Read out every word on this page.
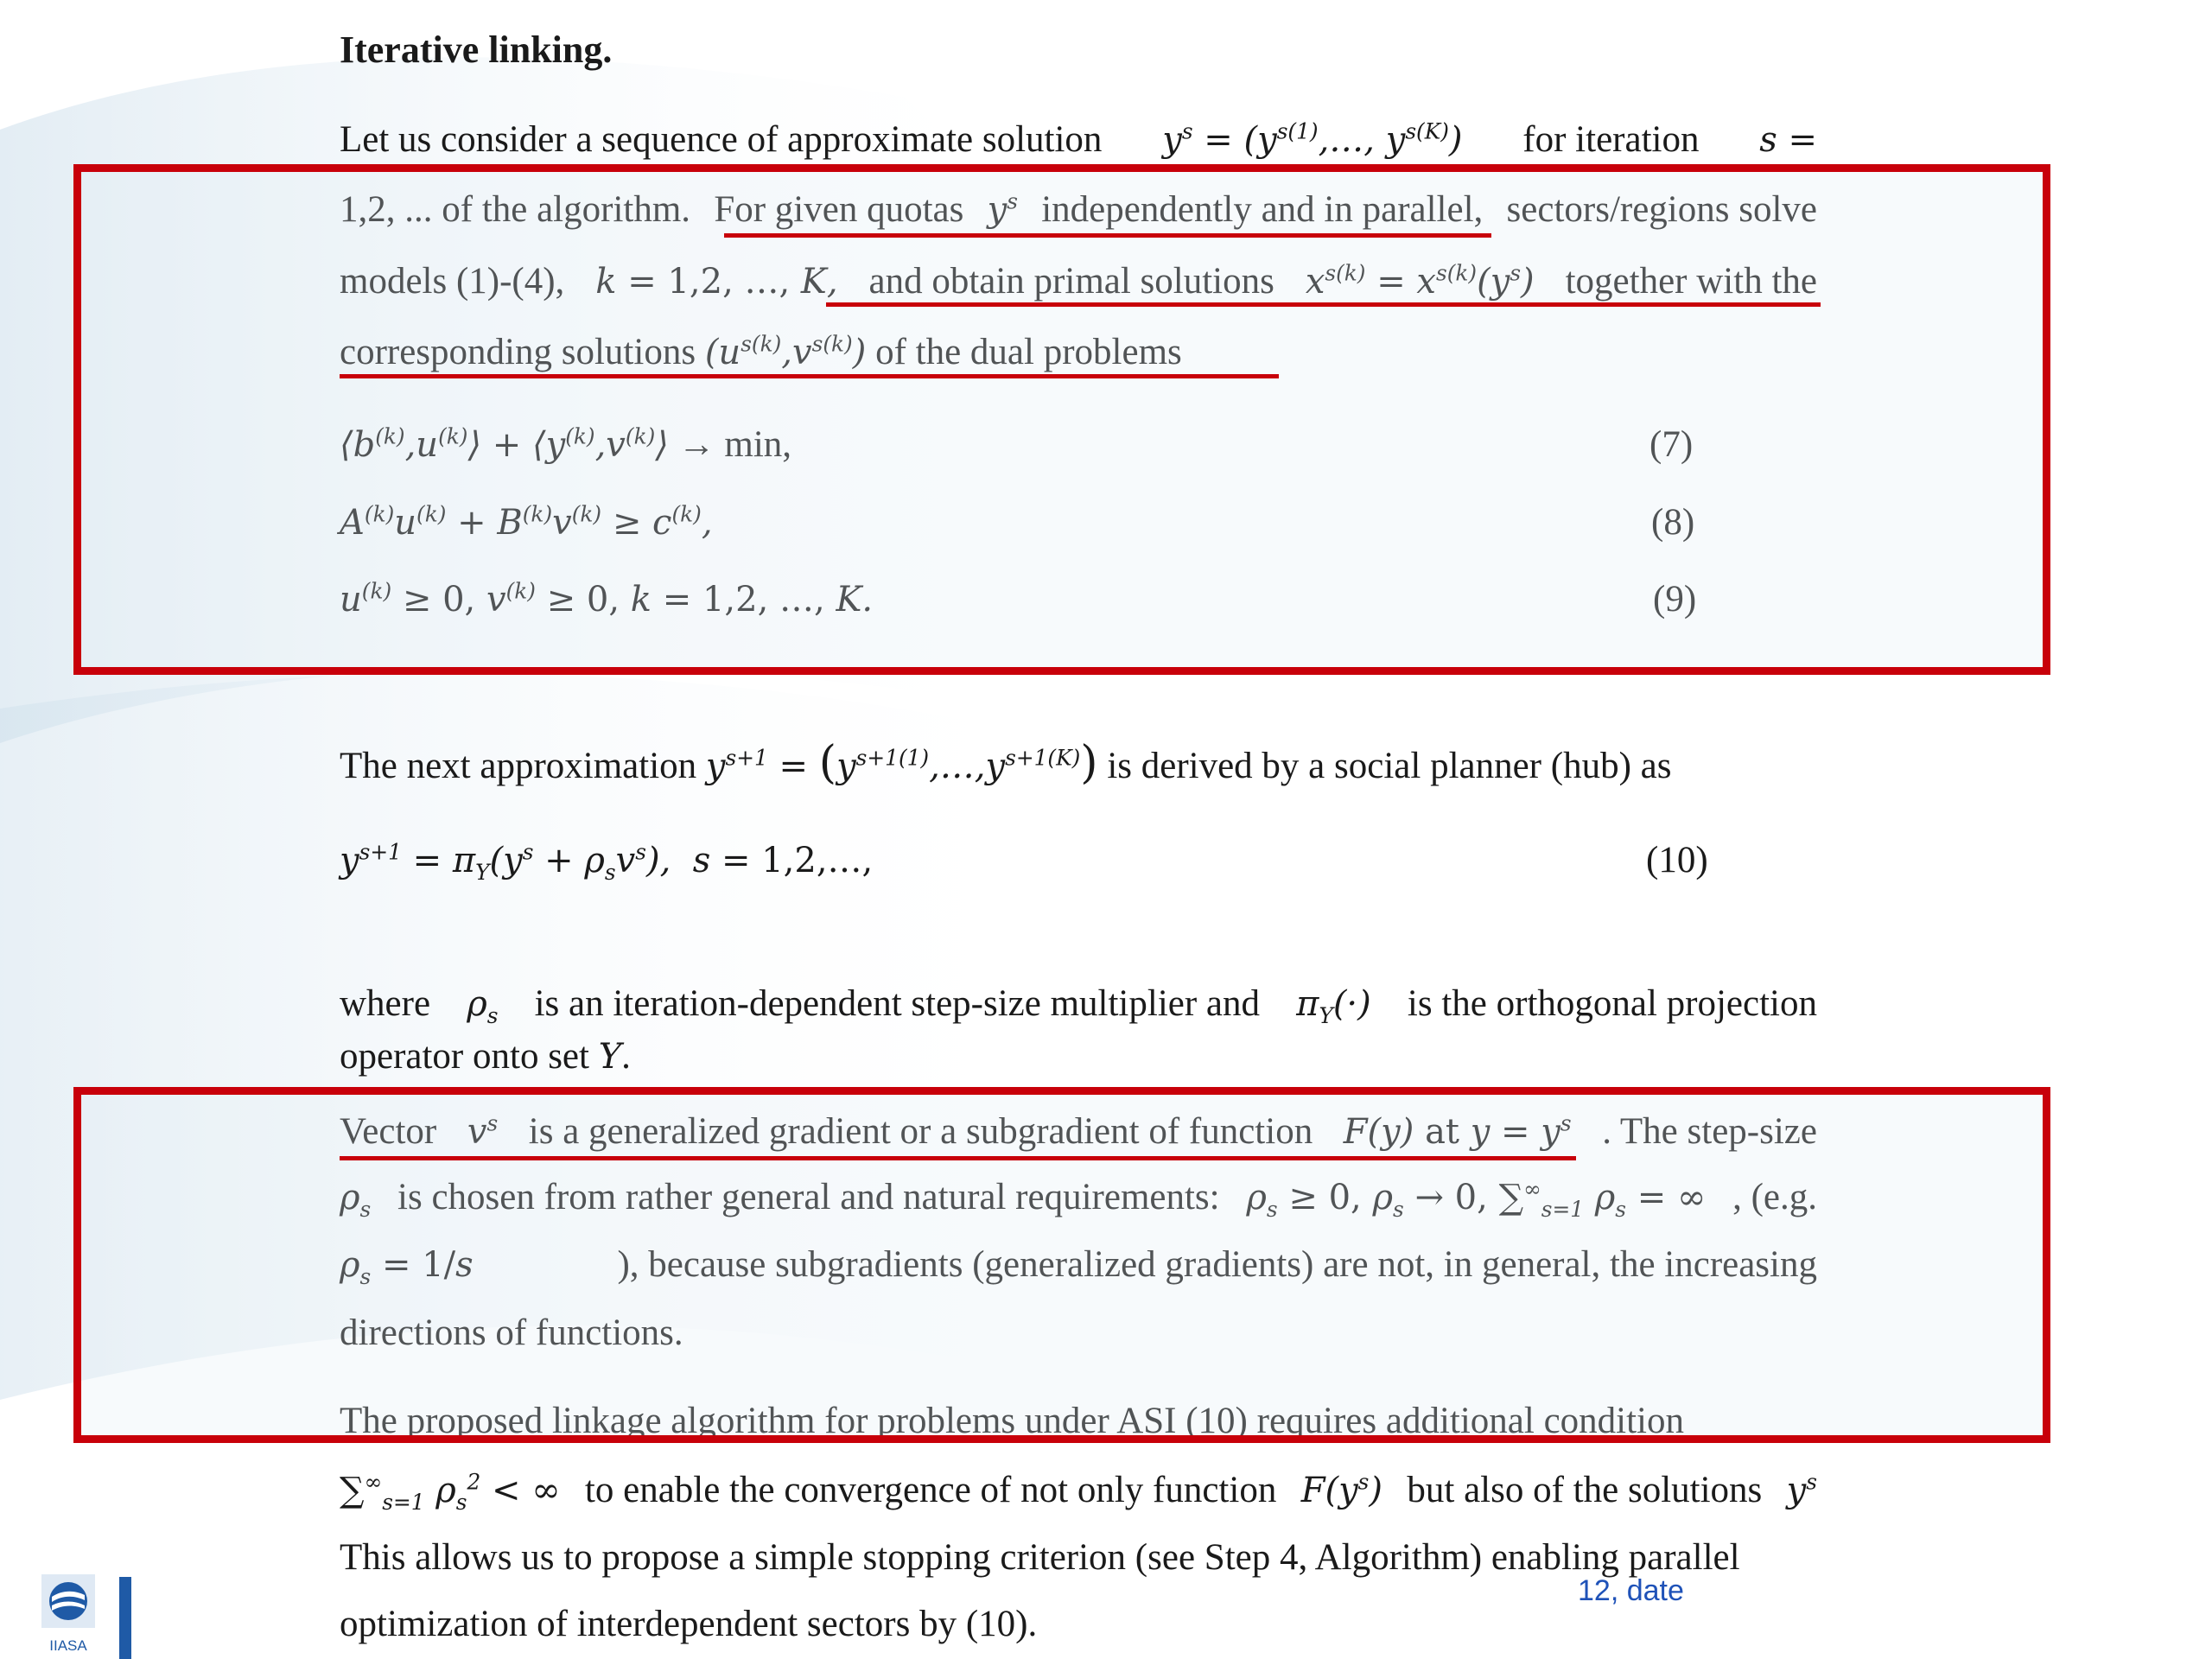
Iterative linking.
Let us consider a sequence of approximate solution $y^s$ = ($y^{s(1)},\dots$, $y^{s(K)}$) for iteration s =
1,2, ... of the algorithm. For given quotas $y^s$ independently and in parallel, sectors/regions solve
models (1)-(4), k = 1,2, …, K, and obtain primal solutions $x^{s(k)} = x^{s(k)}(y^s)$ together with the
corresponding solutions $(u^{s(k)},v^{s(k)})$ of the dual problems
$⟨b^{(k)},u^{(k)}⟩$ + $⟨y^{(k)},v^{(k)}⟩ \to \min$,	(7)
$A^{(k)}u^{(k)} + B^{(k)}v^{(k)} \ge c^{(k)}$,	(8)
$u^{(k)} \ge 0$, $v^{(k)} \ge 0$, k = 1,2, …, K.	(9)
The next approximation $y^{s+1}$ = $(y^{s+1(1)},\dots,y^{s+1(K)})$ is derived by a social planner (hub) as
$y^{s+1} = \pi_Y(y^s + \rho_sv^s)$,  s = 1,2,…,	(10)
where $\rho_s$ is an iteration-dependent step-size multiplier and $\pi_Y(\cdot)$ is the orthogonal projection
operator onto set Y.
Vector $v^s$ is a generalized gradient or a subgradient of function F(y) at $y = y^s$ . The step-size
$\rho_s$ is chosen from rather general and natural requirements: $\rho_s \ge 0$, $\rho_s \to 0$, $\sum^\infty_{s=1}$ $\rho_s$ = ∞ , (e.g.
$\rho_s = 1/s$	), because subgradients (generalized gradients) are not, in general, the increasing
directions of functions.
The proposed linkage algorithm for problems under ASI (10) requires additional condition
$\sum^\infty_{s=1}$ $\rho_s^2$ < ∞ to enable the convergence of not only function $F(y^s)$ but also of the solutions $y^s$
This allows us to propose a simple stopping criterion (see Step 4, Algorithm) enabling parallel
optimization of interdependent sectors by (10).
IIASA
12, date
